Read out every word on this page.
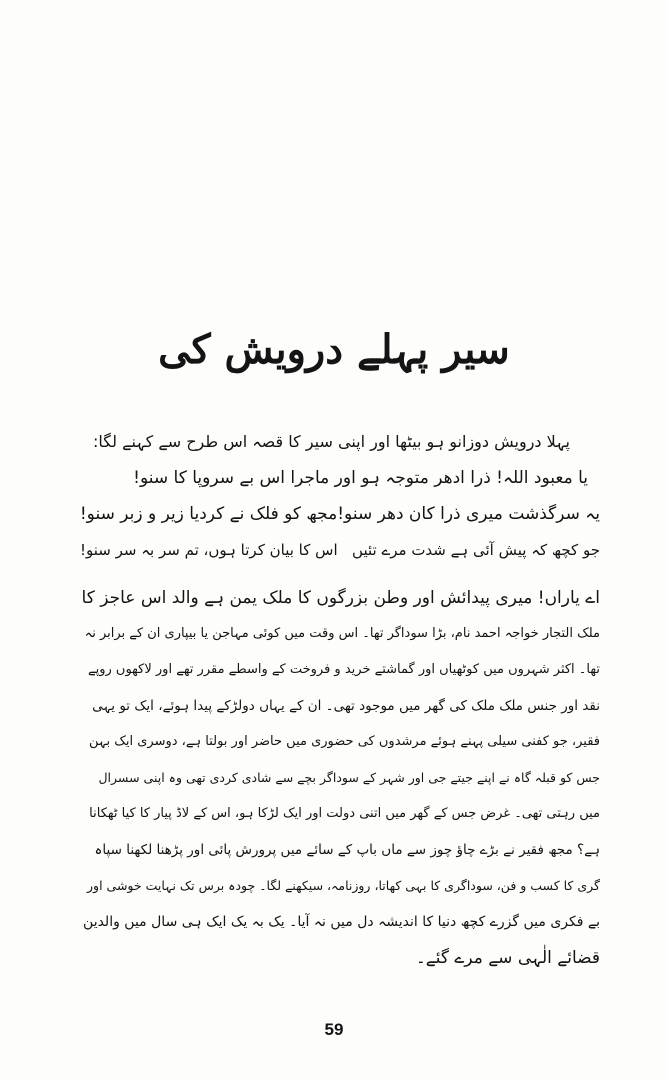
سیر پہلے درویش کی
پہلا درویش دوزانو ہو بیٹھا اور اپنی سیر کا قصہ اس طرح سے کہنے لگا:
یا معبود اللہ! ذرا ادھر متوجہ ہو اور ماجرا اس بے سروپا کا سنو!
یہ سرگذشت میری ذرا کان دھر سنو!
مجھ کو فلک نے کردیا زیر و زبر سنو!
جو کچھ کہ پیش آئی ہے شدت مرے تئیں
اس کا بیان کرتا ہوں، تم سر بہ سر سنو!
اے یاراں! میری پیدائش اور وطن بزرگوں کا ملک یمن ہے والد اس عاجز کا
ملک التجار خواجہ احمد نام، بڑا سوداگر تھا۔ اس وقت میں کوئی مہاجن یا بیپاری ان کے برابر نہ
تھا۔ اکثر شہروں میں کوٹھیاں اور گماشتے خرید و فروخت کے واسطے مقرر تھے اور لاکھوں روپے
نقد اور جنس ملک ملک کی گھر میں موجود تھی۔ ان کے یہاں دولڑکے پیدا ہوئے، ایک تو یہی
فقیر، جو کفنی سیلی پہنے ہوئے مرشدوں کی حضوری میں حاضر اور بولتا ہے، دوسری ایک بہن
جس کو قبلہ گاہ نے اپنے جیتے جی اور شہر کے سوداگر بچے سے شادی کردی تھی وہ اپنی سسرال
میں رہتی تھی۔ غرض جس کے گھر میں اتنی دولت اور ایک لڑکا ہو، اس کے لاڈ پیار کا کیا ٹھکانا
ہے؟ مجھ فقیر نے بڑے چاؤ چوز سے ماں باپ کے سائے میں پرورش پائی اور پڑھنا لکھنا سپاہ
گری کا کسب و فن، سوداگری کا بہی کھاتا، روزنامہ، سیکھنے لگا۔ چودہ برس تک نہایت خوشی اور
بے فکری میں گزرے کچھ دنیا کا اندیشہ دل میں نہ آیا۔ یک بہ یک ایک ہی سال میں والدین
قضائے الٰہی سے مرے گئے۔
59
